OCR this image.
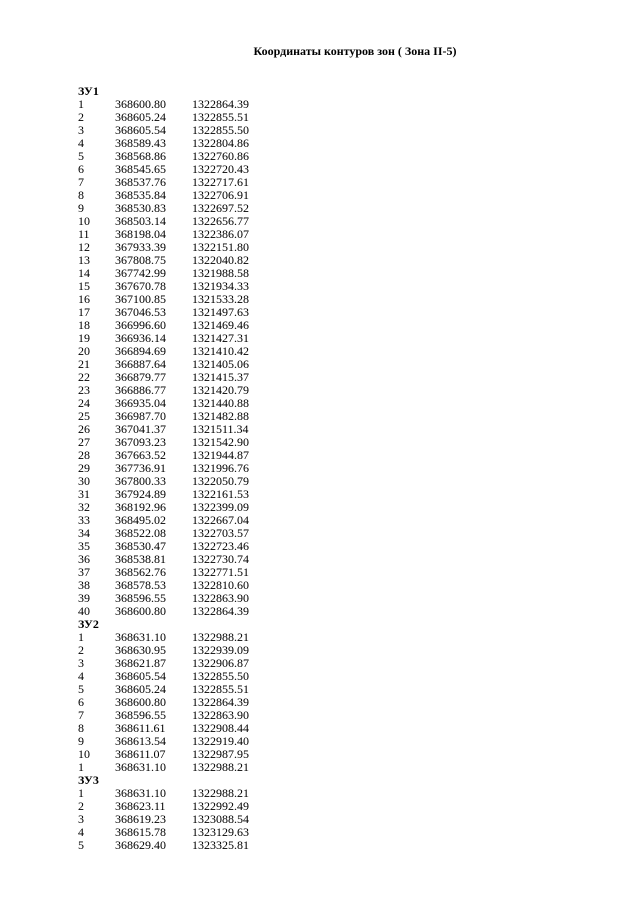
Координаты контуров зон ( Зона II-5)
ЗУ1
1	368600.80 1322864.39
2	368605.24 1322855.51
3	368605.54 1322855.50
4	368589.43 1322804.86
5	368568.86 1322760.86
6	368545.65 1322720.43
7	368537.76 1322717.61
8	368535.84 1322706.91
9	368530.83 1322697.52
10 368503.14 1322656.77
11 368198.04 1322386.07
12 367933.39 1322151.80
13 367808.75 1322040.82
14 367742.99 1321988.58
15 367670.78 1321934.33
16 367100.85 1321533.28
17 367046.53 1321497.63
18 366996.60 1321469.46
19 366936.14 1321427.31
20 366894.69 1321410.42
21 366887.64 1321405.06
22 366879.77 1321415.37
23 366886.77 1321420.79
24 366935.04 1321440.88
25 366987.70 1321482.88
26 367041.37 1321511.34
27 367093.23 1321542.90
28 367663.52 1321944.87
29 367736.91 1321996.76
30 367800.33 1322050.79
31 367924.89 1322161.53
32 368192.96 1322399.09
33 368495.02 1322667.04
34 368522.08 1322703.57
35 368530.47 1322723.46
36 368538.81 1322730.74
37 368562.76 1322771.51
38 368578.53 1322810.60
39 368596.55 1322863.90
40 368600.80 1322864.39
ЗУ2
1	368631.10 1322988.21
2	368630.95 1322939.09
3	368621.87 1322906.87
4	368605.54 1322855.50
5	368605.24 1322855.51
6	368600.80 1322864.39
7	368596.55 1322863.90
8	368611.61 1322908.44
9	368613.54 1322919.40
10 368611.07 1322987.95
1	368631.10 1322988.21
ЗУ3
1	368631.10 1322988.21
2	368623.11 1322992.49
3	368619.23 1323088.54
4	368615.78 1323129.63
5	368629.40 1323325.81
